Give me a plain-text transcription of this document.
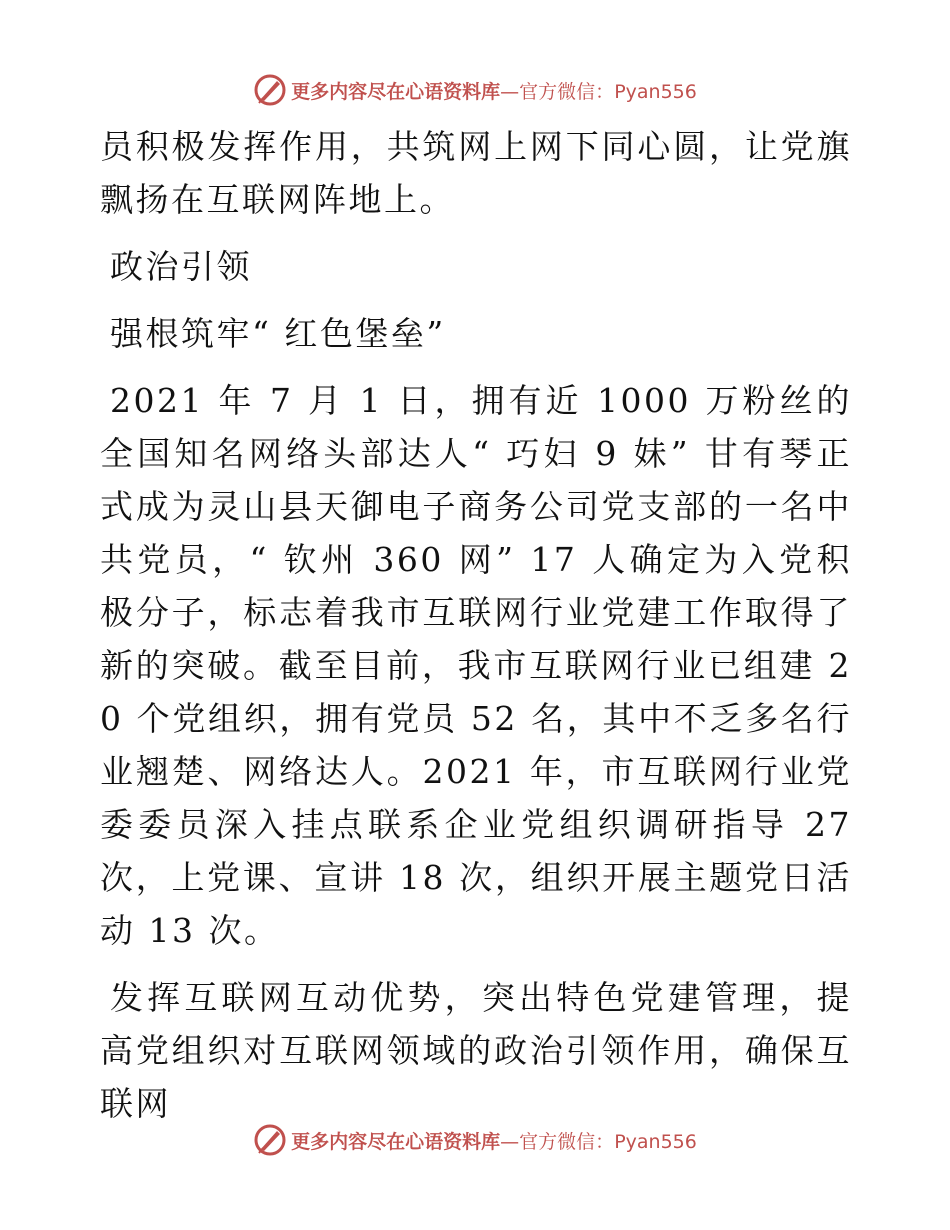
更多内容尽在心语资料库—官方微信：Pyan556

员积极发挥作用，共筑网上网下同心圆，让党旗飘扬在互联网阵地上。

政治引领

强根筑牢“ 红色堡垒”

2021 年 7 月 1 日，拥有近 1000 万粉丝的全国知名网络头部达人“ 巧妇 9 妹” 甘有琴正式成为灵山县天御电子商务公司党支部的一名中共党员，“ 钦州 360 网” 17 人确定为入党积极分子，标志着我市互联网行业党建工作取得了新的突破。截至目前，我市互联网行业已组建 20 个党组织，拥有党员 52 名，其中不乏多名行业翘楚、网络达人。2021 年，市互联网行业党委委员深入挂点联系企业党组织调研指导 27 次，上党课、宣讲 18 次，组织开展主题党日活动 13 次。

发挥互联网互动优势，突出特色党建管理，提高党组织对互联网领域的政治引领作用，确保互联网

更多内容尽在心语资料库—官方微信：Pyan556
